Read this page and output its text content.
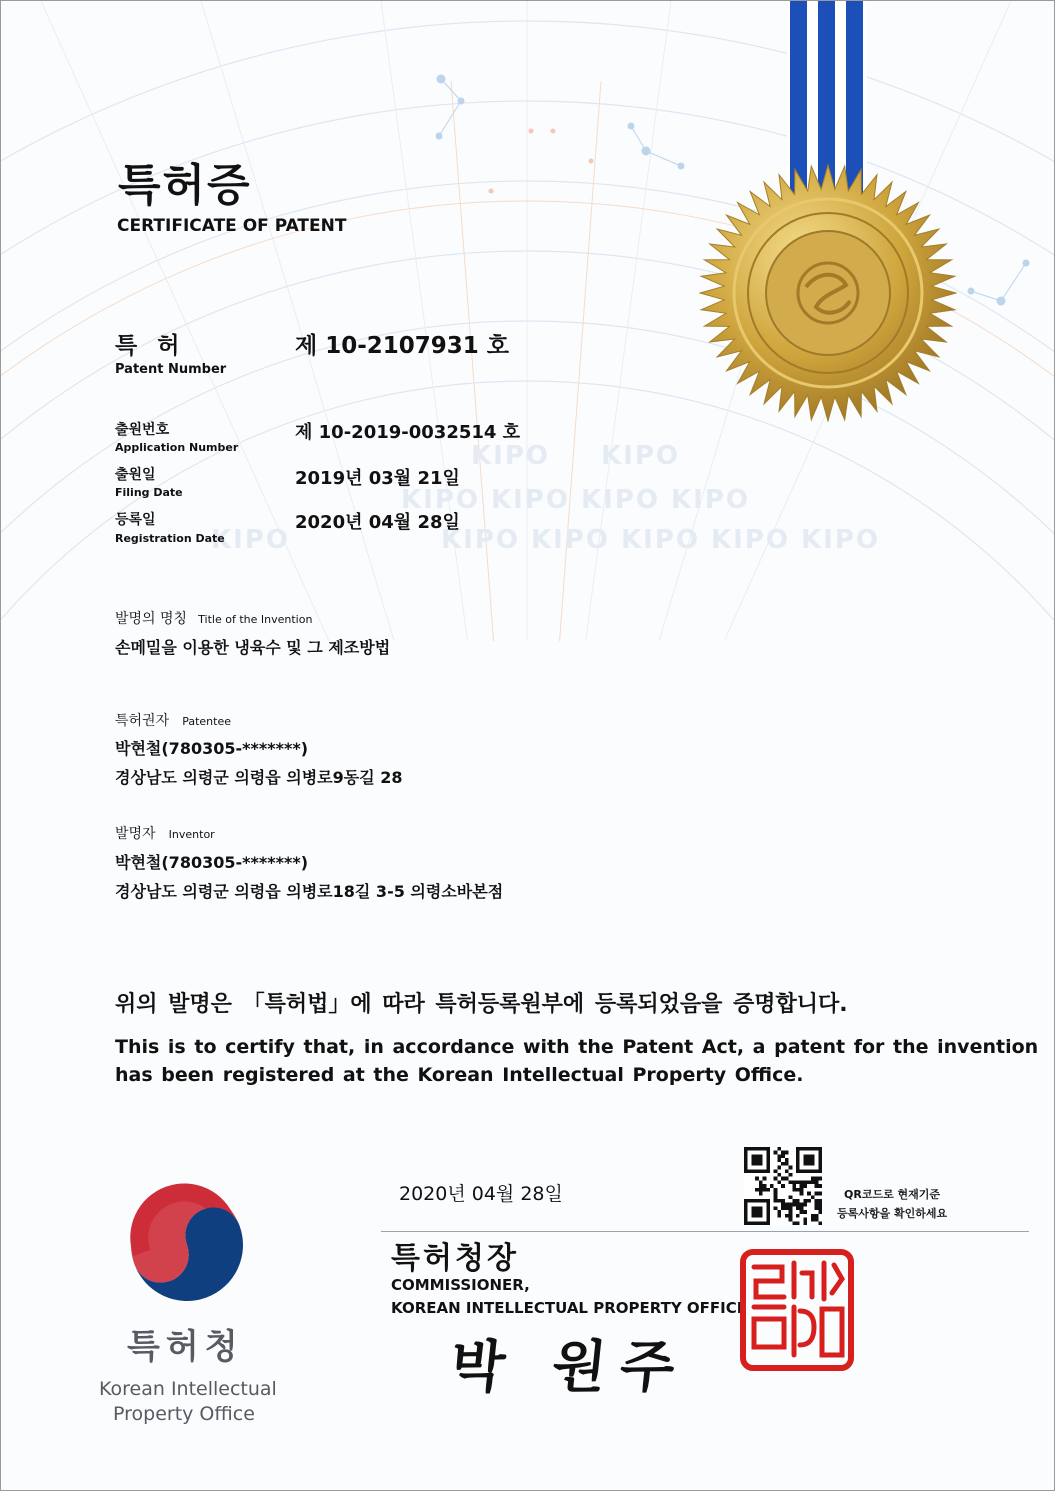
KIPO KIPO
KIPO KIPO KIPO KIPO
KIPO	KIPO KIPO KIPO KIPO KIPO
특허증
CERTIFICATE OF PATENT
특 허
Patent Number
제 10-2107931 호
출원번호
Application Number
제 10-2019-0032514 호
출원일
Filing Date
2019년 03월 21일
등록일
Registration Date
2020년 04월 28일
발명의 명칭 Title of the Invention
손메밀을 이용한 냉육수 및 그 제조방법
특허권자 Patentee
박현철(780305-*******)
경상남도 의령군 의령읍 의병로9동길 28
발명자 Inventor
박현철(780305-*******)
경상남도 의령군 의령읍 의병로18길 3-5 의령소바본점
위의 발명은 「특허법」에 따라 특허등록원부에 등록되었음을 증명합니다.
This is to certify that, in accordance with the Patent Act, a patent for the invention
has been registered at the Korean Intellectual Property Office.
QR코드로 현재기준
등록사항을 확인하세요
2020년 04월 28일
특허청장
COMMISSIONER,
KOREAN INTELLECTUAL PROPERTY OFFICE
박 원주
특허청
Korean Intellectual
Property Office
